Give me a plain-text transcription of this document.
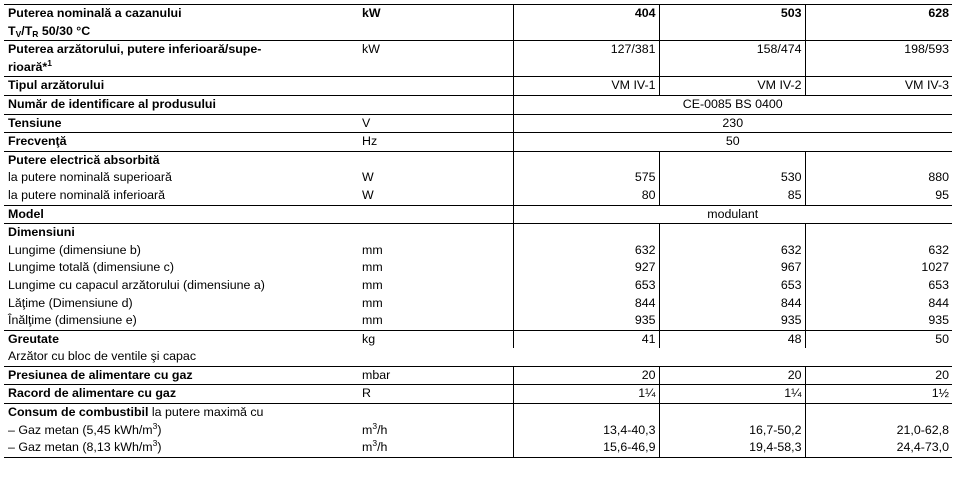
Puterea nominală a cazanului
$T_V/T_R$ 50/30 °C	kW	404	503	628
Puterea arzătorului, putere inferioară/supe-
rioară*$^1$	kW	127/381	158/474	198/593
Tipul arzătorului		VM IV-1	VM IV-2	VM IV-3
Număr de identificare al produsului		CE-0085 BS 0400		
Tensiune	V	230		
Frecvenţă	Hz	50		
Putere electrică absorbită				
la putere nominală superioară	W	575	530	880
la putere nominală inferioară	W	80	85	95
Model		modulant		
Dimensiuni				
Lungime (dimensiune b)	mm	632	632	632
Lungime totală (dimensiune c)	mm	927	967	1027
Lungime cu capacul arzătorului (dimensiune a)	mm	653	653	653
Lăţime (Dimensiune d)	mm	844	844	844
Înălţime (dimensiune e)	mm	935	935	935
Greutate	kg	41	48	50
Arzător cu bloc de ventile şi capac				
Presiunea de alimentare cu gaz	mbar	20	20	20
Racord de alimentare cu gaz	R	1¼	1¼	1½
Consum de combustibil la putere maximă cu				
– Gaz metan (5,45 kWh/$m^3$)	$m^3/h$	13,4-40,3	16,7-50,2	21,0-62,8
– Gaz metan (8,13 kWh/$m^3$)	$m^3/h$	15,6-46,9	19,4-58,3	24,4-73,0
